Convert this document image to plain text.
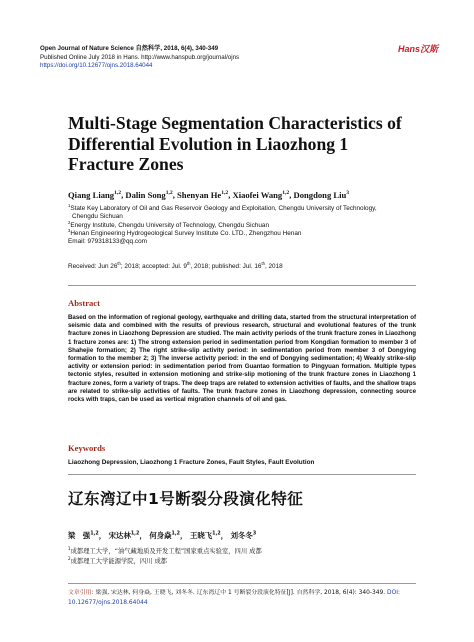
Open Journal of Nature Science 自然科学, 2018, 6(4), 340-349
Published Online July 2018 in Hans. http://www.hanspub.org/journal/ojns
https://doi.org/10.12677/ojns.2018.64044
Hans汉斯
Multi-Stage Segmentation Characteristics of Differential Evolution in Liaozhong 1 Fracture Zones
Qiang Liang$^{1,2}$, Dalin Song$^{1,2}$, Shenyan He$^{1,2}$, Xiaofei Wang$^{1,2}$, Dongdong Liu$^3$
$^1$State Key Laboratory of Oil and Gas Reservoir Geology and Exploitation, Chengdu University of Technology,
Chengdu Sichuan
$^2$Energy Institute, Chengdu University of Technology, Chengdu Sichuan
$^3$Henan Engineering Hydrogeological Survey Institute Co. LTD., Zhengzhou Henan
Email: 979318133@qq.com
Received: Jun 26th; 2018; accepted: Jul. 9th, 2018; published: Jul. 16th, 2018
Abstract

Based on the information of regional geology, earthquake and drilling data, started from the structural interpretation of seismic data and combined with the results of previous research, structural and evolutional features of the trunk fracture zones in Liaozhong Depression are studied. The main activity periods of the trunk fracture zones in Liaozhong 1 fracture zones are: 1) The strong extension period in sedimentation period from Kongdian formation to member 3 of Shahejie formation; 2) The right strike-slip activity period: in sedimentation period from member 3 of Dongying formation to the member 2; 3) The inverse activity period: in the end of Dongying sedimentation; 4) Weakly strike-slip activity or extension period: in sedimentation period from Guantao formation to Pingyuan formation. Multiple types tectonic styles, resulted in extension motioning and strike-slip motioning of the trunk fracture zones in Liaozhong 1 fracture zones, form a variety of traps. The deep traps are related to extension activities of faults, and the shallow traps are related to strike-slip activities of faults. The trunk fracture zones in Liaozhong depression, connecting source rocks with traps, can be used as vertical migration channels of oil and gas.

Keywords
Liaozhong Depression, Liaozhong 1 Fracture Zones, Fault Styles, Fault Evolution
辽东湾辽中1号断裂分段演化特征
梁　强$^{1,2}$， 宋达林$^{1,2}$， 何身焱$^{1,2}$， 王晓飞$^{1,2}$， 刘冬冬$^3$
$^1$成都理工大学，“油气藏地质及开发工程”国家重点实验室，四川 成都
$^2$成都理工大学能源学院，四川 成都
文章引用: 梁强, 宋达林, 何身焱, 王晓飞, 刘冬冬. 辽东湾辽中 1 号断裂分段演化特征[J]. 自然科学, 2018, 6(4): 340-349. DOI: 10.12677/ojns.2018.64044
